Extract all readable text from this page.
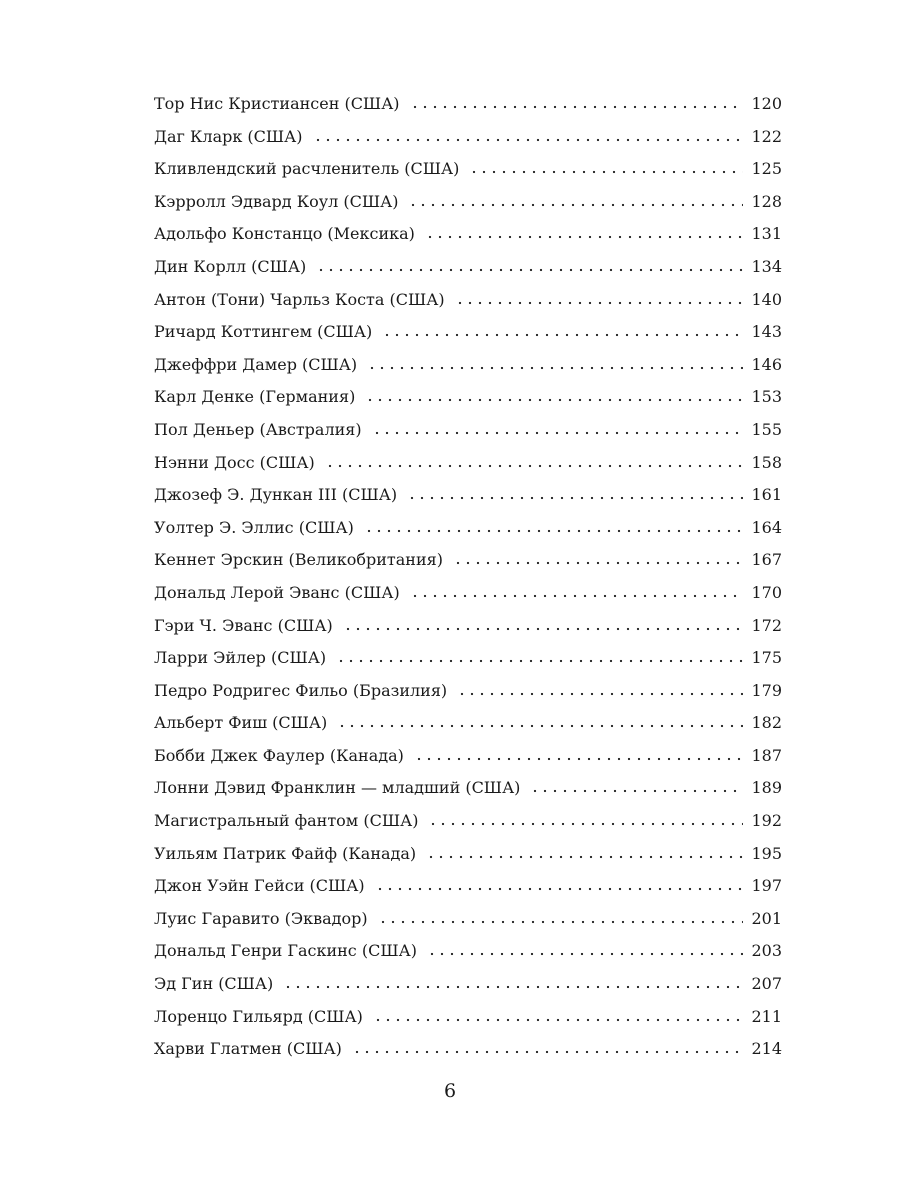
Тор Нис Кристиансен (США)	120
Даг Кларк (США)	122
Кливлендский расчленитель (США)	125
Кэрролл Эдвард Коул (США)	128
Адольфо Констанцо (Мексика)	131
Дин Корлл (США)	134
Антон (Тони) Чарльз Коста (США)	140
Ричард Коттингем (США)	143
Джеффри Дамер (США)	146
Карл Денке (Германия)	153
Пол Деньер (Австралия)	155
Нэнни Досс (США)	158
Джозеф Э. Дункан III (США)	161
Уолтер Э. Эллис (США)	164
Кеннет Эрскин (Великобритания)	167
Дональд Лерой Эванс (США)	170
Гэри Ч. Эванс (США)	172
Ларри Эйлер (США)	175
Педро Родригес Фильо (Бразилия)	179
Альберт Фиш (США)	182
Бобби Джек Фаулер (Канада)	187
Лонни Дэвид Франклин — младший (США)	189
Магистральный фантом (США)	192
Уильям Патрик Файф (Канада)	195
Джон Уэйн Гейси (США)	197
Луис Гаравито (Эквадор)	201
Дональд Генри Гаскинс (США)	203
Эд Гин (США)	207
Лоренцо Гильярд (США)	211
Харви Глатмен (США)	214
6
